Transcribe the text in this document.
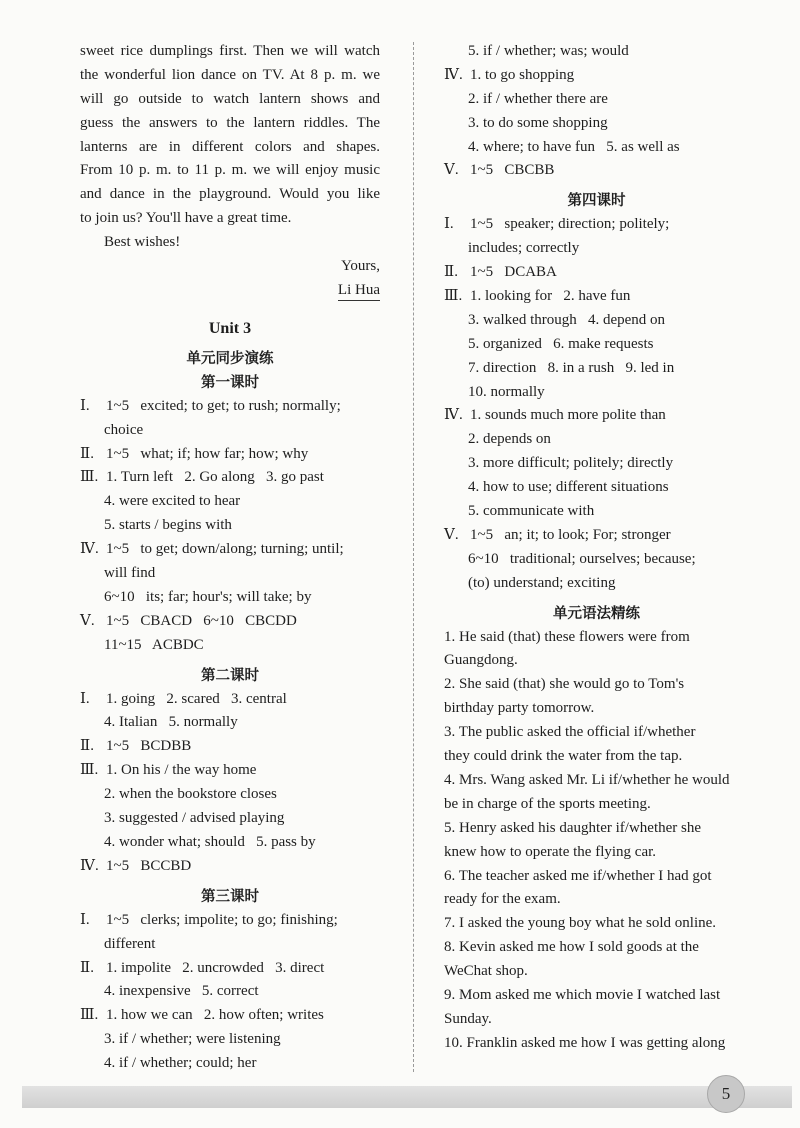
sweet rice dumplings first. Then we will watch
the wonderful lion dance on TV. At 8 p. m. we
will go outside to watch lantern shows and
guess the answers to the lantern riddles. The
lanterns are in different colors and shapes.
From 10 p. m. to 11 p. m. we will enjoy music
and dance in the playground. Would you like
to join us? You'll have a great time.
Best wishes!
Yours,
Li Hua
Unit 3
单元同步演练
第一课时
Ⅰ. 1~5   excited; to get; to rush; normally;
choice
Ⅱ. 1~5   what; if; how far; how; why
Ⅲ. 1. Turn left   2. Go along   3. go past
4. were excited to hear
5. starts / begins with
Ⅳ. 1~5   to get; down/along; turning; until;
will find
6~10   its; far; hour's; will take; by
Ⅴ. 1~5   CBACD   6~10   CBCDD
11~15   ACBDC
第二课时
Ⅰ. 1. going   2. scared   3. central
4. Italian   5. normally
Ⅱ. 1~5   BCDBB
Ⅲ. 1. On his / the way home
2. when the bookstore closes
3. suggested / advised playing
4. wonder what; should   5. pass by
Ⅳ. 1~5   BCCBD
第三课时
Ⅰ. 1~5   clerks; impolite; to go; finishing;
different
Ⅱ. 1. impolite   2. uncrowded   3. direct
4. inexpensive   5. correct
Ⅲ. 1. how we can   2. how often; writes
3. if / whether; were listening
4. if / whether; could; her
5. if / whether; was; would
Ⅳ. 1. to go shopping
2. if / whether there are
3. to do some shopping
4. where; to have fun   5. as well as
Ⅴ. 1~5   CBCBB
第四课时
Ⅰ. 1~5   speaker; direction; politely;
includes; correctly
Ⅱ. 1~5   DCABA
Ⅲ. 1. looking for   2. have fun
3. walked through   4. depend on
5. organized   6. make requests
7. direction   8. in a rush   9. led in
10. normally
Ⅳ. 1. sounds much more polite than
2. depends on
3. more difficult; politely; directly
4. how to use; different situations
5. communicate with
Ⅴ. 1~5   an; it; to look; For; stronger
6~10   traditional; ourselves; because;
(to) understand; exciting
单元语法精练
1. He said (that) these flowers were from
Guangdong.
2. She said (that) she would go to Tom's
birthday party tomorrow.
3. The public asked the official if/whether
they could drink the water from the tap.
4. Mrs. Wang asked Mr. Li if/whether he would
be in charge of the sports meeting.
5. Henry asked his daughter if/whether she
knew how to operate the flying car.
6. The teacher asked me if/whether I had got
ready for the exam.
7. I asked the young boy what he sold online.
8. Kevin asked me how I sold goods at the
WeChat shop.
9. Mom asked me which movie I watched last
Sunday.
10. Franklin asked me how I was getting along
5
